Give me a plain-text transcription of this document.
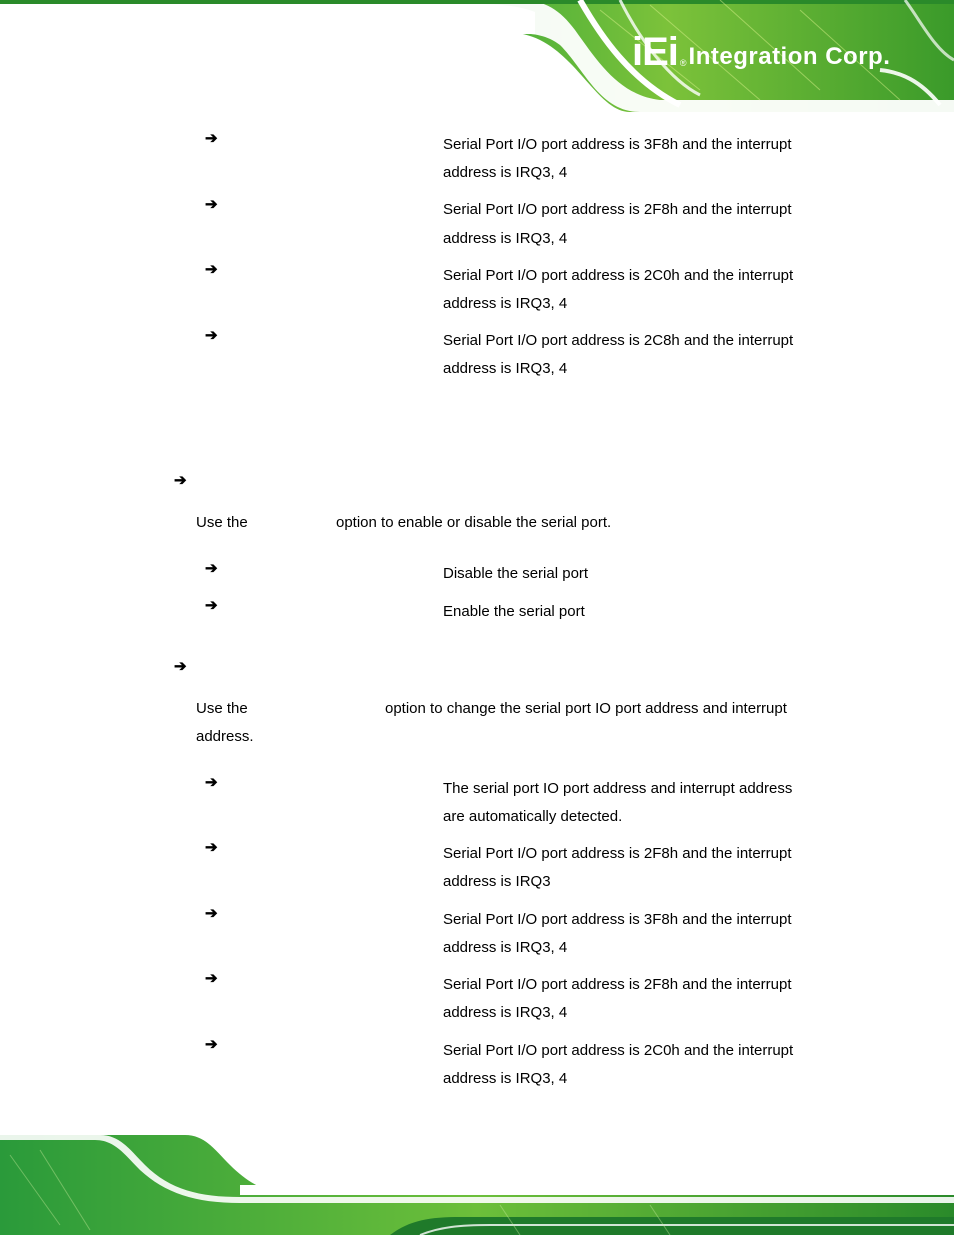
iEi ® Integration Corp.
➔	Serial Port I/O port address is 3F8h and the interrupt
address is IRQ3, 4
➔	Serial Port I/O port address is 2F8h and the interrupt
address is IRQ3, 4
➔	Serial Port I/O port address is 2C0h and the interrupt
address is IRQ3, 4
➔	Serial Port I/O port address is 2C8h and the interrupt
address is IRQ3, 4
➔
Use the	option to enable or disable the serial port.
➔	Disable the serial port
➔	Enable the serial port
➔
Use the	option to change the serial port IO port address and interrupt
address.
➔	The serial port IO port address and interrupt address
are automatically detected.
➔	Serial Port I/O port address is 2F8h and the interrupt
address is IRQ3
➔	Serial Port I/O port address is 3F8h and the interrupt
address is IRQ3, 4
➔	Serial Port I/O port address is 2F8h and the interrupt
address is IRQ3, 4
➔	Serial Port I/O port address is 2C0h and the interrupt
address is IRQ3, 4
